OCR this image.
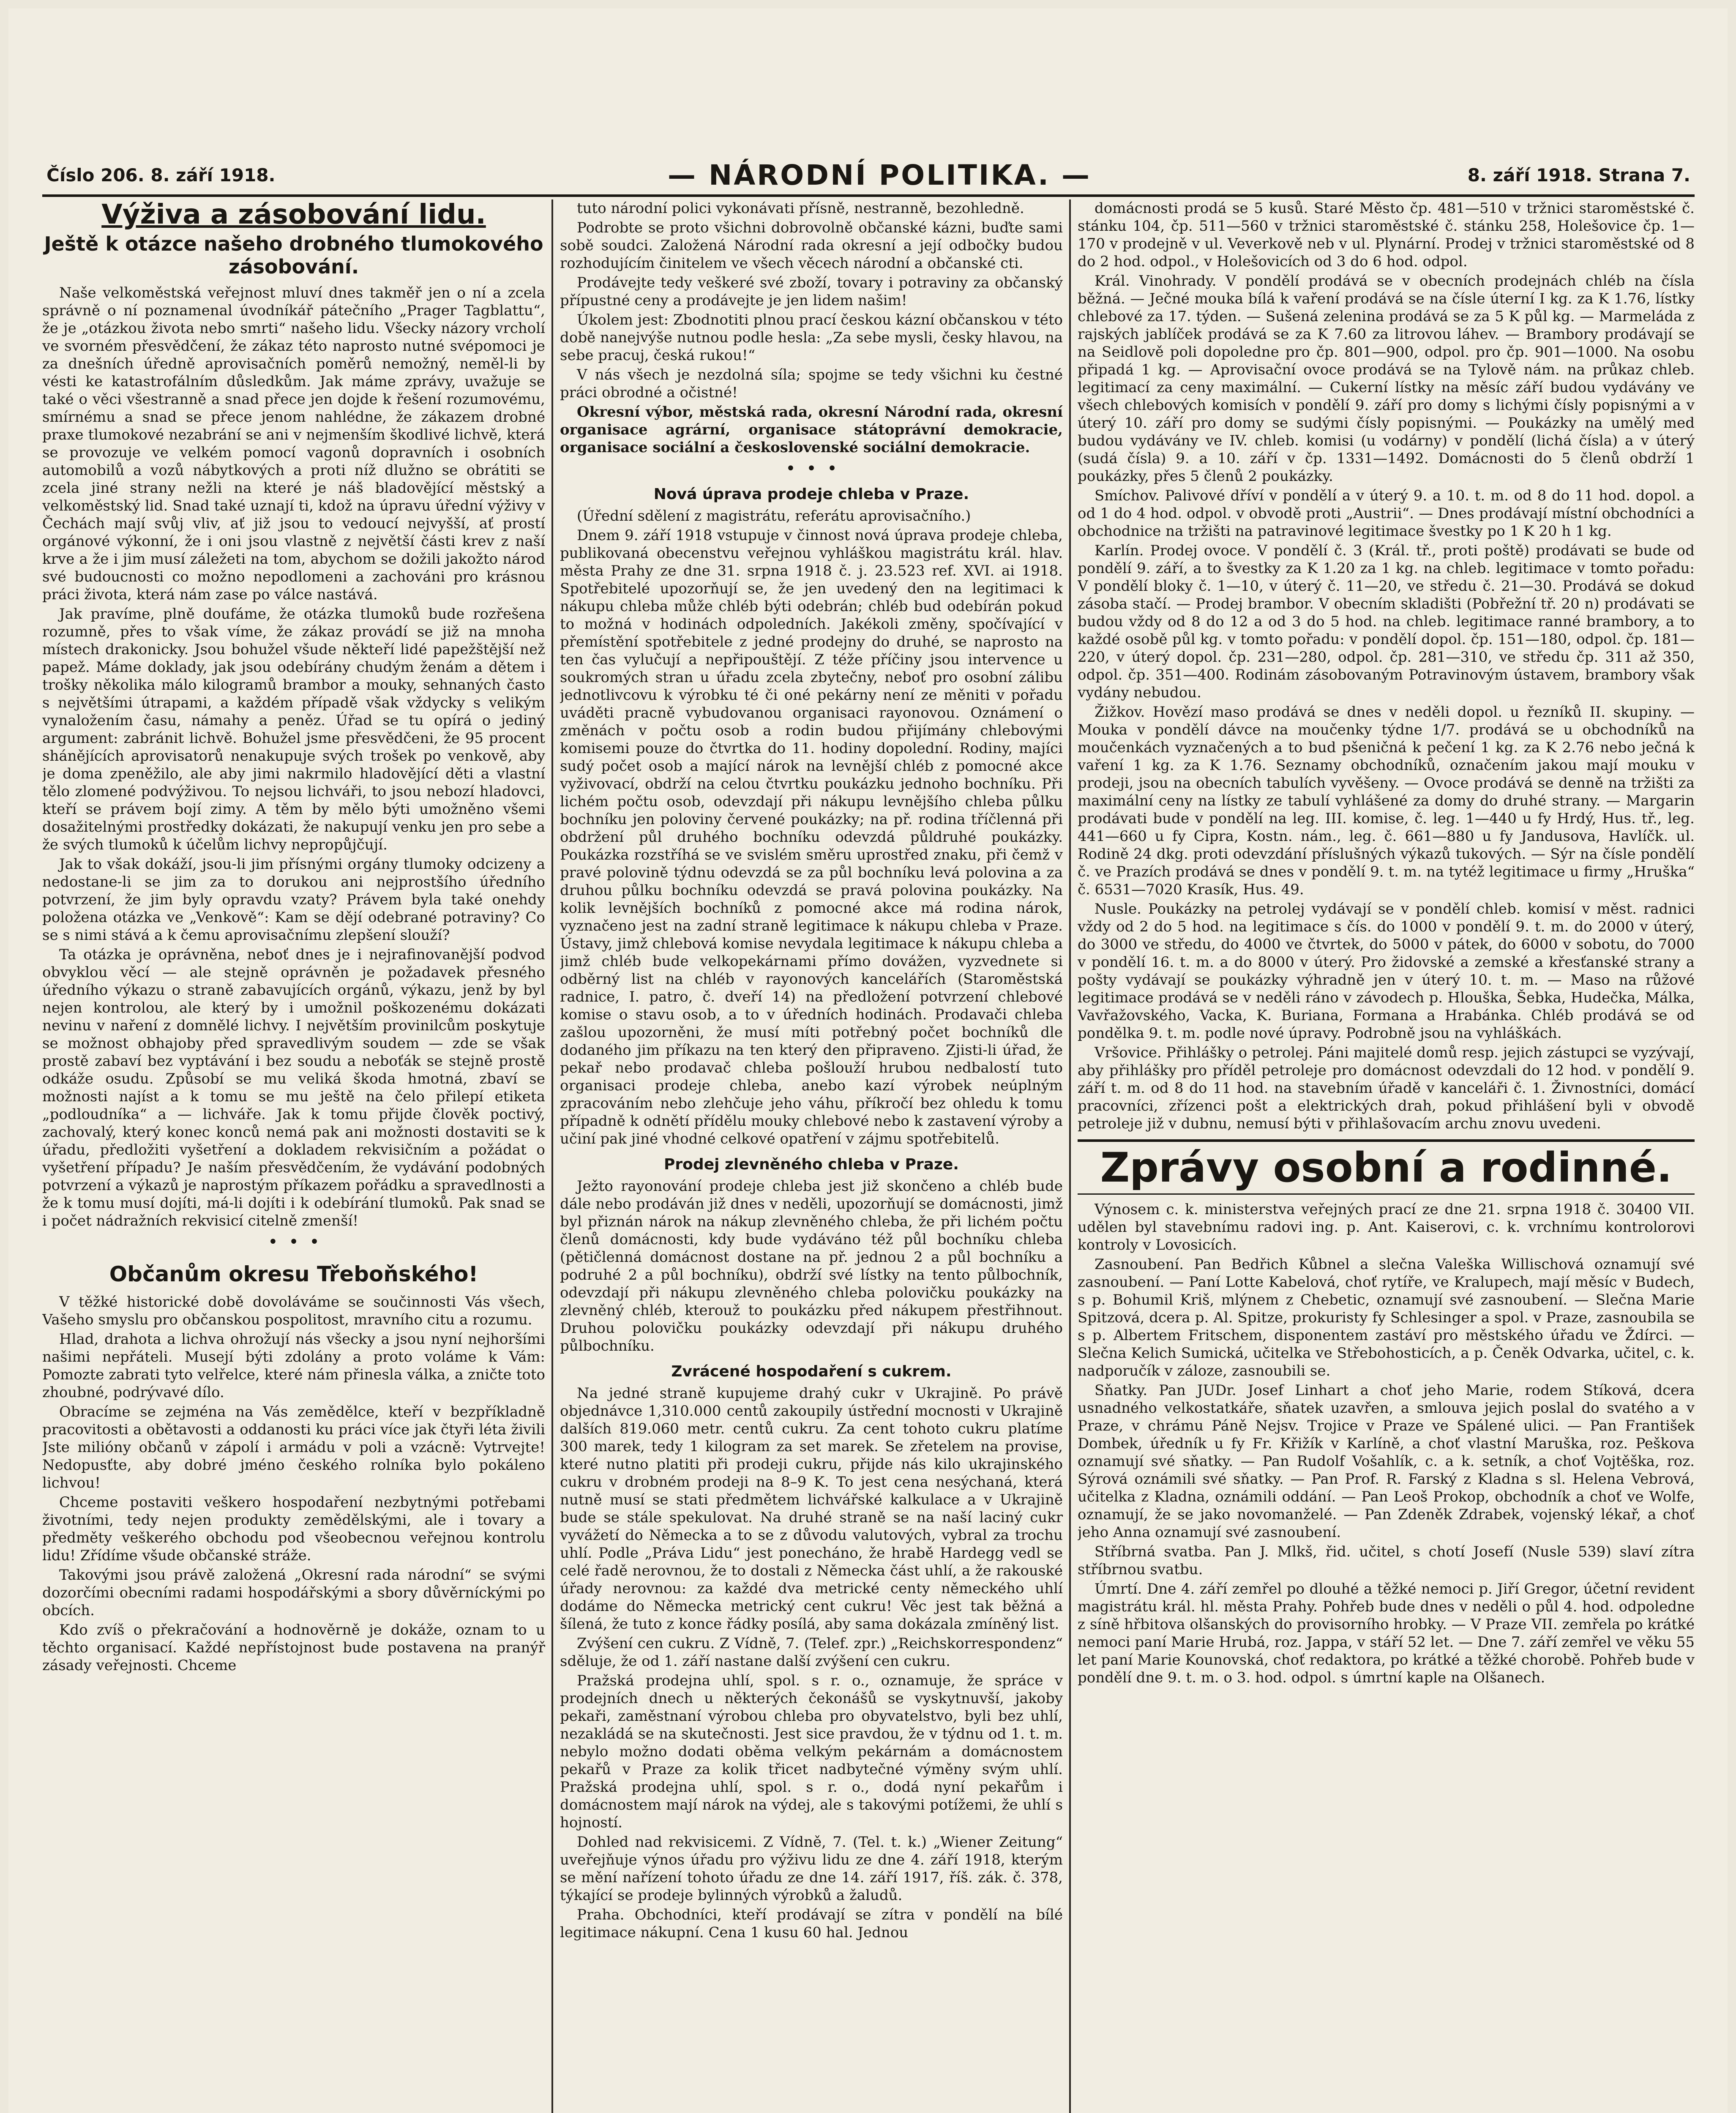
Číslo 206. 8. září 1918.	— NÁRODNÍ POLITIKA. —	8. září 1918. Strana 7.
Výživa a zásobování lidu.
Ještě k otázce našeho drobného tlumokového zásobování.

Naše velkoměstská veřejnost mluví dnes takměř jen o ní a zcela správně o ní poznamenal úvodníkář pátečního „Prager Tagblattu“, že je „otázkou života nebo smrti“ našeho lidu. Všecky názory vrcholí ve svorném přesvědčení, že zákaz této naprosto nutné svépomoci je za dnešních úředně aprovisačních poměrů nemožný, neměl-li by vésti ke katastrofálním důsledkům. Jak máme zprávy, uvažuje se také o věci všestranně a snad přece jen dojde k řešení rozumovému, smírnému a snad se přece jenom nahlédne, že zákazem drobné praxe tlumokové nezabrání se ani v nejmenším škodlivé lichvě, která se provozuje ve velkém pomocí vagonů dopravních i osobních automobilů a vozů nábytkových a proti níž dlužno se obrátiti se zcela jiné strany nežli na které je náš bladovějící městský a velkoměstský lid. Snad také uznají ti, kdož na úpravu úřední výživy v Čechách mají svůj vliv, ať již jsou to vedoucí nejvyšší, ať prostí orgánové výkonní, že i oni jsou vlastně z největší části krev z naší krve a že i jim musí záležeti na tom, abychom se dožili jakožto národ své budoucnosti co možno nepodlomeni a zachováni pro krásnou práci života, která nám zase po válce nastává.

Jak pravíme, plně doufáme, že otázka tlumoků bude rozřešena rozumně, přes to však víme, že zákaz provádí se již na mnoha místech drakonicky. Jsou bohužel všude někteří lidé papežštější než papež. Máme doklady, jak jsou odebírány chudým ženám a dětem i trošky několika málo kilogramů brambor a mouky, sehnaných často s největšími útrapami, a každém případě však vždycky s velikým vynaložením času, námahy a peněz. Úřad se tu opírá o jediný argument: zabránit lichvě. Bohužel jsme přesvědčeni, že 95 procent shánějících aprovisatorů nenakupuje svých trošek po venkově, aby je doma zpeněžilo, ale aby jimi nakrmilo hladovějící děti a vlastní tělo zlomené podvýživou. To nejsou lichváři, to jsou nebozí hladovci, kteří se právem bojí zimy. A těm by mělo býti umožněno všemi dosažitelnými prostředky dokázati, že nakupují venku jen pro sebe a že svých tlumoků k účelům lichvy nepropůjčují.

Jak to však dokáží, jsou-li jim přísnými orgány tlumoky odcizeny a nedostane-li se jim za to dorukou ani nejprostšího úředního potvrzení, že jim byly opravdu vzaty? Právem byla také onehdy položena otázka ve „Venkově“: Kam se dějí odebrané potraviny? Co se s nimi stává a k čemu aprovisačnímu zlepšení slouží?

Ta otázka je oprávněna, neboť dnes je i nejrafinovanější podvod obvyklou věcí — ale stejně oprávněn je požadavek přesného úředního výkazu o straně zabavujících orgánů, výkazu, jenž by byl nejen kontrolou, ale který by i umožnil poškozenému dokázati nevinu v naření z domnělé lichvy. I největším provinilcům poskytuje se možnost obhajoby před spravedlivým soudem — zde se však prostě zabaví bez vyptávání i bez soudu a neboťák se stejně prostě odkáže osudu. Způsobí se mu veliká škoda hmotná, zbaví se možnosti najíst a k tomu se mu ještě na čelo přilepí etiketa „podloudníka“ a — lichváře. Jak k tomu přijde člověk poctivý, zachovalý, který konec konců nemá pak ani možnosti dostaviti se k úřadu, předložiti vyšetření a dokladem rekvisičním a požádat o vyšetření případu? Je naším přesvědčením, že vydávání podobných potvrzení a výkazů je naprostým příkazem pořádku a spravedlnosti a že k tomu musí dojíti, má-li dojíti i k odebírání tlumoků. Pak snad se i počet nádražních rekvisicí citelně zmenší!

•  •  •
Občanům okresu Třeboňského!

V těžké historické době dovoláváme se součinnosti Vás všech, Vašeho smyslu pro občanskou pospolitost, mravního citu a rozumu.

Hlad, drahota a lichva ohrožují nás všecky a jsou nyní nejhoršími našimi nepřáteli. Musejí býti zdolány a proto voláme k Vám: Pomozte zabrati tyto velřelce, které nám přinesla válka, a zničte toto zhoubné, podrývavé dílo.

Obracíme se zejména na Vás zemědělce, kteří v bezpříkladně pracovitosti a obětavosti a oddanosti ku práci více jak čtyři léta živili Jste milióny občanů v zápolí i armádu v poli a vzácně: Vytrvejte! Nedopusťte, aby dobré jméno českého rolníka bylo pokáleno lichvou!

Chceme postaviti veškero hospodaření nezbytnými potřebami životními, tedy nejen produkty zemědělskými, ale i tovary a předměty veškerého obchodu pod všeobecnou veřejnou kontrolu lidu! Zřídíme všude občanské stráže.

Takovými jsou právě založená „Okresní rada národní“ se svými dozorčími obecními radami hospodářskými a sbory důvěrníckými po obcích.

Kdo zvíš o překračování a hodnověrně je dokáže, oznam to u těchto organisací. Každé nepřístojnost bude postavena na pranýř zásady veřejnosti. Chceme

tuto národní polici vykonávati přísně, nestranně, bezohledně.

Podrobte se proto všichni dobrovolně občanské kázni, buďte sami sobě soudci. Založená Národní rada okresní a její odbočky budou rozhodujícím činitelem ve všech věcech národní a občanské cti.

Prodávejte tedy veškeré své zboží, tovary i potraviny za občanský přípustné ceny a prodávejte je jen lidem našim!

Úkolem jest: Zbodnotiti plnou prací českou kázní občanskou v této době nanejvýše nutnou podle hesla: „Za sebe mysli, česky hlavou, na sebe pracuj, česká rukou!“

V nás všech je nezdolná síla; spojme se tedy všichni ku čestné práci obrodné a očistné!

Okresní výbor, městská rada, okresní Národní rada, okresní organisace agrární, organisace státoprávní demokracie, organisace sociální a československé sociální demokracie.

•  •  •
Nová úprava prodeje chleba v Praze.

(Úřední sdělení z magistrátu, referátu aprovisačního.)

Dnem 9. září 1918 vstupuje v činnost nová úprava prodeje chleba, publikovaná obecenstvu veřejnou vyhláškou magistrátu král. hlav. města Prahy ze dne 31. srpna 1918 č. j. 23.523 ref. XVI. ai 1918. Spotřebitelé upozorňují se, že jen uvedený den na legitimaci k nákupu chleba může chléb býti odebrán; chléb bud odebírán pokud to možná v hodinách odpoledních. Jakékoli změny, spočívající v přemístění spotřebitele z jedné prodejny do druhé, se naprosto na ten čas vylučují a nepřipouštějí. Z téže příčiny jsou intervence u soukromých stran u úřadu zcela zbytečny, neboť pro osobní zálibu jednotlivcovu k výrobku té či oné pekárny není ze měniti v pořadu uváděti pracně vybudovanou organisaci rayonovou. Oznámení o změnách v počtu osob a rodin budou přijímány chlebovými komisemi pouze do čtvrtka do 11. hodiny dopolední. Rodiny, majíci sudý počet osob a mající nárok na levnější chléb z pomocné akce vyživovací, obdrží na celou čtvrtku poukázku jednoho bochníku. Při lichém počtu osob, odevzdají při nákupu levnějšího chleba půlku bochníku jen poloviny červené poukázky; na př. rodina tříčlenná při obdržení půl druhého bochníku odevzdá půldruhé poukázky. Poukázka rozstříhá se ve svislém směru uprostřed znaku, při čemž v pravé polovině týdnu odevzdá se za půl bochníku levá polovina a za druhou půlku bochníku odevzdá se pravá polovina poukázky. Na kolik levnějších bochníků z pomocné akce má rodina nárok, vyznačeno jest na zadní straně legitimace k nákupu chleba v Praze. Ústavy, jimž chlebová komise nevydala legitimace k nákupu chleba a jimž chléb bude velkopekárnami přímo dovážen, vyzvednete si odběrný list na chléb v rayonových kancelářích (Staroměstská radnice, I. patro, č. dveří 14) na předložení potvrzení chlebové komise o stavu osob, a to v úředních hodinách. Prodavači chleba zašlou upozorněni, že musí míti potřebný počet bochníků dle dodaného jim příkazu na ten který den připraveno. Zjisti-li úřad, že pekař nebo prodavač chleba pošlouží hrubou nedbalostí tuto organisaci prodeje chleba, anebo kazí výrobek neúplným zpracováním nebo zlehčuje jeho váhu, příkročí bez ohledu k tomu případně k odnětí přídělu mouky chlebové nebo k zastavení výroby a učiní pak jiné vhodné celkové opatření v zájmu spotřebitelů.

Prodej zlevněného chleba v Praze.

Ježto rayonování prodeje chleba jest již skončeno a chléb bude dále nebo prodáván již dnes v neděli, upozorňují se domácnosti, jimž byl přiznán nárok na nákup zlevněného chleba, že při lichém počtu členů domácnosti, kdy bude vydáváno též půl bochníku chleba (pětičlenná domácnost dostane na př. jednou 2 a půl bochníku a podruhé 2 a půl bochníku), obdrží své lístky na tento půlbochník, odevzdají při nákupu zlevněného chleba polovičku poukázky na zlevněný chléb, kterouž to poukázku před nákupem přestřihnout. Druhou polovičku poukázky odevzdají při nákupu druhého půlbochníku.

Zvrácené hospodaření s cukrem.

Na jedné straně kupujeme drahý cukr v Ukrajině. Po právě objednávce 1,310.000 centů zakoupily ústřední mocnosti v Ukrajině dalších 819.060 metr. centů cukru. Za cent tohoto cukru platíme 300 marek, tedy 1 kilogram za set marek. Se zřetelem na provise, které nutno platiti při prodeji cukru, přijde nás kilo ukrajinského cukru v drobném prodeji na 8–9 K. To jest cena nesýchaná, která nutně musí se stati předmětem lichvářské kalkulace a v Ukrajině bude se stále spekulovat. Na druhé straně se na naší laciný cukr vyvážetí do Německa a to se z důvodu valutových, vybral za trochu uhlí. Podle „Práva Lidu“ jest ponecháno, že hrabě Hardegg vedl se celé řadě nerovnou, že to dostali z Německa část uhlí, a že rakouské úřady nerovnou: za každé dva metrické centy německého uhlí dodáme do Německa metrický cent cukru! Věc jest tak běžná a šílená, že tuto z konce řádky posílá, aby sama dokázala zmíněný list.

Zvýšení cen cukru. Z Vídně, 7. (Telef. zpr.) „Reichskorrespondenz“ sděluje, že od 1. září nastane další zvýšení cen cukru.

Pražská prodejna uhlí, spol. s r. o., oznamuje, že spráce v prodejních dnech u některých čekonášů se vyskytnuvší, jakoby pekaři, zaměstnaní výrobou chleba pro obyvatelstvo, byli bez uhlí, nezakládá se na skutečnosti. Jest sice pravdou, že v týdnu od 1. t. m. nebylo možno dodati oběma velkým pekárnám a domácnostem pekařů v Praze za kolik třicet nadbytečné výměny svým uhlí. Pražská prodejna uhlí, spol. s r. o., dodá nyní pekařům i domácnostem mají nárok na výdej, ale s takovými potížemi, že uhlí s hojností.

Dohled nad rekvisicemi. Z Vídně, 7. (Tel. t. k.) „Wiener Zeitung“ uveřejňuje výnos úřadu pro výživu lidu ze dne 4. září 1918, kterým se mění nařízení tohoto úřadu ze dne 14. září 1917, říš. zák. č. 378, týkající se prodeje bylinných výrobků a žaludů.

Praha. Obchodníci, kteří prodávají se zítra v pondělí na bílé legitimace nákupní. Cena 1 kusu 60 hal. Jednou

domácnosti prodá se 5 kusů. Staré Město čp. 481—510 v tržnici staroměstské č. stánku 104, čp. 511—560 v tržnici staroměstské č. stánku 258, Holešovice čp. 1—170 v prodejně v ul. Veverkově neb v ul. Plynární. Prodej v tržnici staroměstské od 8 do 2 hod. odpol., v Holešovicích od 3 do 6 hod. odpol.

Král. Vinohrady. V pondělí prodává se v obecních prodejnách chléb na čísla běžná. — Ječné mouka bílá k vaření prodává se na čísle úterní I kg. za K 1.76, lístky chlebové za 17. týden. — Sušená zelenina prodává se za 5 K půl kg. — Marmeláda z rajských jablíček prodává se za K 7.60 za litrovou láhev. — Brambory prodávají se na Seidlově poli dopoledne pro čp. 801—900, odpol. pro čp. 901—1000. Na osobu připadá 1 kg. — Aprovisační ovoce prodává se na Tylově nám. na průkaz chleb. legitimací za ceny maximální. — Cukerní lístky na měsíc září budou vydávány ve všech chlebových komisích v pondělí 9. září pro domy s lichými čísly popisnými a v úterý 10. září pro domy se sudými čísly popisnými. — Poukázky na umělý med budou vydávány ve IV. chleb. komisi (u vodárny) v pondělí (lichá čísla) a v úterý (sudá čísla) 9. a 10. září v čp. 1331—1492. Domácnosti do 5 členů obdrží 1 poukázky, přes 5 členů 2 poukázky.

Smíchov. Palivové dříví v pondělí a v úterý 9. a 10. t. m. od 8 do 11 hod. dopol. a od 1 do 4 hod. odpol. v obvodě proti „Austrii“. — Dnes prodávají místní obchodníci a obchodnice na tržišti na patravinové legitimace švestky po 1 K 20 h 1 kg.

Karlín. Prodej ovoce. V pondělí č. 3 (Král. tř., proti poště) prodávati se bude od pondělí 9. září, a to švestky za K 1.20 za 1 kg. na chleb. legitimace v tomto pořadu: V pondělí bloky č. 1—10, v úterý č. 11—20, ve středu č. 21—30. Prodává se dokud zásoba stačí. — Prodej brambor. V obecním skladišti (Pobřežní tř. 20 n) prodávati se budou vždy od 8 do 12 a od 3 do 5 hod. na chleb. legitimace ranné brambory, a to každé osobě půl kg. v tomto pořadu: v pondělí dopol. čp. 151—180, odpol. čp. 181—220, v úterý dopol. čp. 231—280, odpol. čp. 281—310, ve středu čp. 311 až 350, odpol. čp. 351—400. Rodinám zásobovaným Potravinovým ústavem, brambory však vydány nebudou.

Žižkov. Hovězí maso prodává se dnes v neděli dopol. u řezníků II. skupiny. — Mouka v pondělí dávce na moučenky týdne 1/7. prodává se u obchodníků na moučenkách vyznačených a to bud pšeničná k pečení 1 kg. za K 2.76 nebo ječná k vaření 1 kg. za K 1.76. Seznamy obchodníků, označením jakou mají mouku v prodeji, jsou na obecních tabulích vyvěšeny. — Ovoce prodává se denně na tržišti za maximální ceny na lístky ze tabulí vyhlášené za domy do druhé strany. — Margarin prodávati bude v pondělí na leg. III. komise, č. leg. 1—440 u fy Hrdý, Hus. tř., leg. 441—660 u fy Cipra, Kostn. nám., leg. č. 661—880 u fy Jandusova, Havlíčk. ul. Rodině 24 dkg. proti odevzdání příslušných výkazů tukových. — Sýr na čísle pondělí č. ve Prazích prodává se dnes v pondělí 9. t. m. na tytéž legitimace u firmy „Hruška“ č. 6531—7020 Krasík, Hus. 49.

Nusle. Poukázky na petrolej vydávají se v pondělí chleb. komisí v měst. radnici vždy od 2 do 5 hod. na legitimace s čís. do 1000 v pondělí 9. t. m. do 2000 v úterý, do 3000 ve středu, do 4000 ve čtvrtek, do 5000 v pátek, do 6000 v sobotu, do 7000 v pondělí 16. t. m. a do 8000 v úterý. Pro židovské a zemské a křesťanské strany a pošty vydávají se poukázky výhradně jen v úterý 10. t. m. — Maso na růžové legitimace prodává se v neděli ráno v závodech p. Hlouška, Šebka, Hudečka, Málka, Vavřažovského, Vacka, K. Buriana, Formana a Hrabánka. Chléb prodává se od pondělka 9. t. m. podle nové úpravy. Podrobně jsou na vyhláškách.

Vršovice. Přihlášky o petrolej. Páni majitelé domů resp. jejich zástupci se vyzývají, aby přihlášky pro příděl petroleje pro domácnost odevzdali do 12 hod. v pondělí 9. září t. m. od 8 do 11 hod. na stavebním úřadě v kanceláři č. 1. Živnostníci, domácí pracovníci, zřízenci pošt a elektrických drah, pokud přihlášení byli v obvodě petroleje již v dubnu, nemusí býti v přihlašovacím archu znovu uvedeni.

Zprávy osobní a rodinné.

Výnosem c. k. ministerstva veřejných prací ze dne 21. srpna 1918 č. 30400 VII. udělen byl stavebnímu radovi ing. p. Ant. Kaiserovi, c. k. vrchnímu kontrolorovi kontroly v Lovosicích.

Zasnoubení. Pan Bedřich Kůbnel a slečna Valeška Willischová oznamují své zasnoubení. — Paní Lotte Kabelová, choť rytíře, ve Kralupech, mají měsíc v Budech, s p. Bohumil Kriš, mlýnem z Chebetic, oznamují své zasnoubení. — Slečna Marie Spitzová, dcera p. Al. Spitze, prokuristy fy Schlesinger a spol. v Praze, zasnoubila se s p. Albertem Fritschem, disponentem zastáví pro městského úřadu ve Ždírci. — Slečna Kelich Sumická, učitelka ve Střebohosticích, a p. Čeněk Odvarka, učitel, c. k. nadporučík v záloze, zasnoubili se.

Sňatky. Pan JUDr. Josef Linhart a choť jeho Marie, rodem Stíková, dcera usnadného velkostatkáře, sňatek uzavřen, a smlouva jejich poslal do svatého a v Praze, v chrámu Páně Nejsv. Trojice v Praze ve Spálené ulici. — Pan František Dombek, úředník u fy Fr. Křižík v Karlíně, a choť vlastní Maruška, roz. Peškova oznamují své sňatky. — Pan Rudolf Vošahlík, c. a k. setník, a choť Vojtěška, roz. Sýrová oznámili své sňatky. — Pan Prof. R. Farský z Kladna s sl. Helena Vebrová, učitelka z Kladna, oznámili oddání. — Pan Leoš Prokop, obchodník a choť ve Wolfe, oznamují, že se jako novomanželé. — Pan Zdeněk Zdrabek, vojenský lékař, a choť jeho Anna oznamují své zasnoubení.

Stříbrná svatba. Pan J. Mlkš, řid. učitel, s chotí Josefí (Nusle 539) slaví zítra stříbrnou svatbu.

Úmrtí. Dne 4. září zemřel po dlouhé a těžké nemoci p. Jiří Gregor, účetní revident magistrátu král. hl. města Prahy. Pohřeb bude dnes v neděli o půl 4. hod. odpoledne z síně hřbitova olšanských do provisorního hrobky. — V Praze VII. zemřela po krátké nemoci paní Marie Hrubá, roz. Jappa, v stáří 52 let. — Dne 7. září zemřel ve věku 55 let paní Marie Kounovská, choť redaktora, po krátké a těžké chorobě. Pohřeb bude v pondělí dne 9. t. m. o 3. hod. odpol. s úmrtní kaple na Olšanech.
